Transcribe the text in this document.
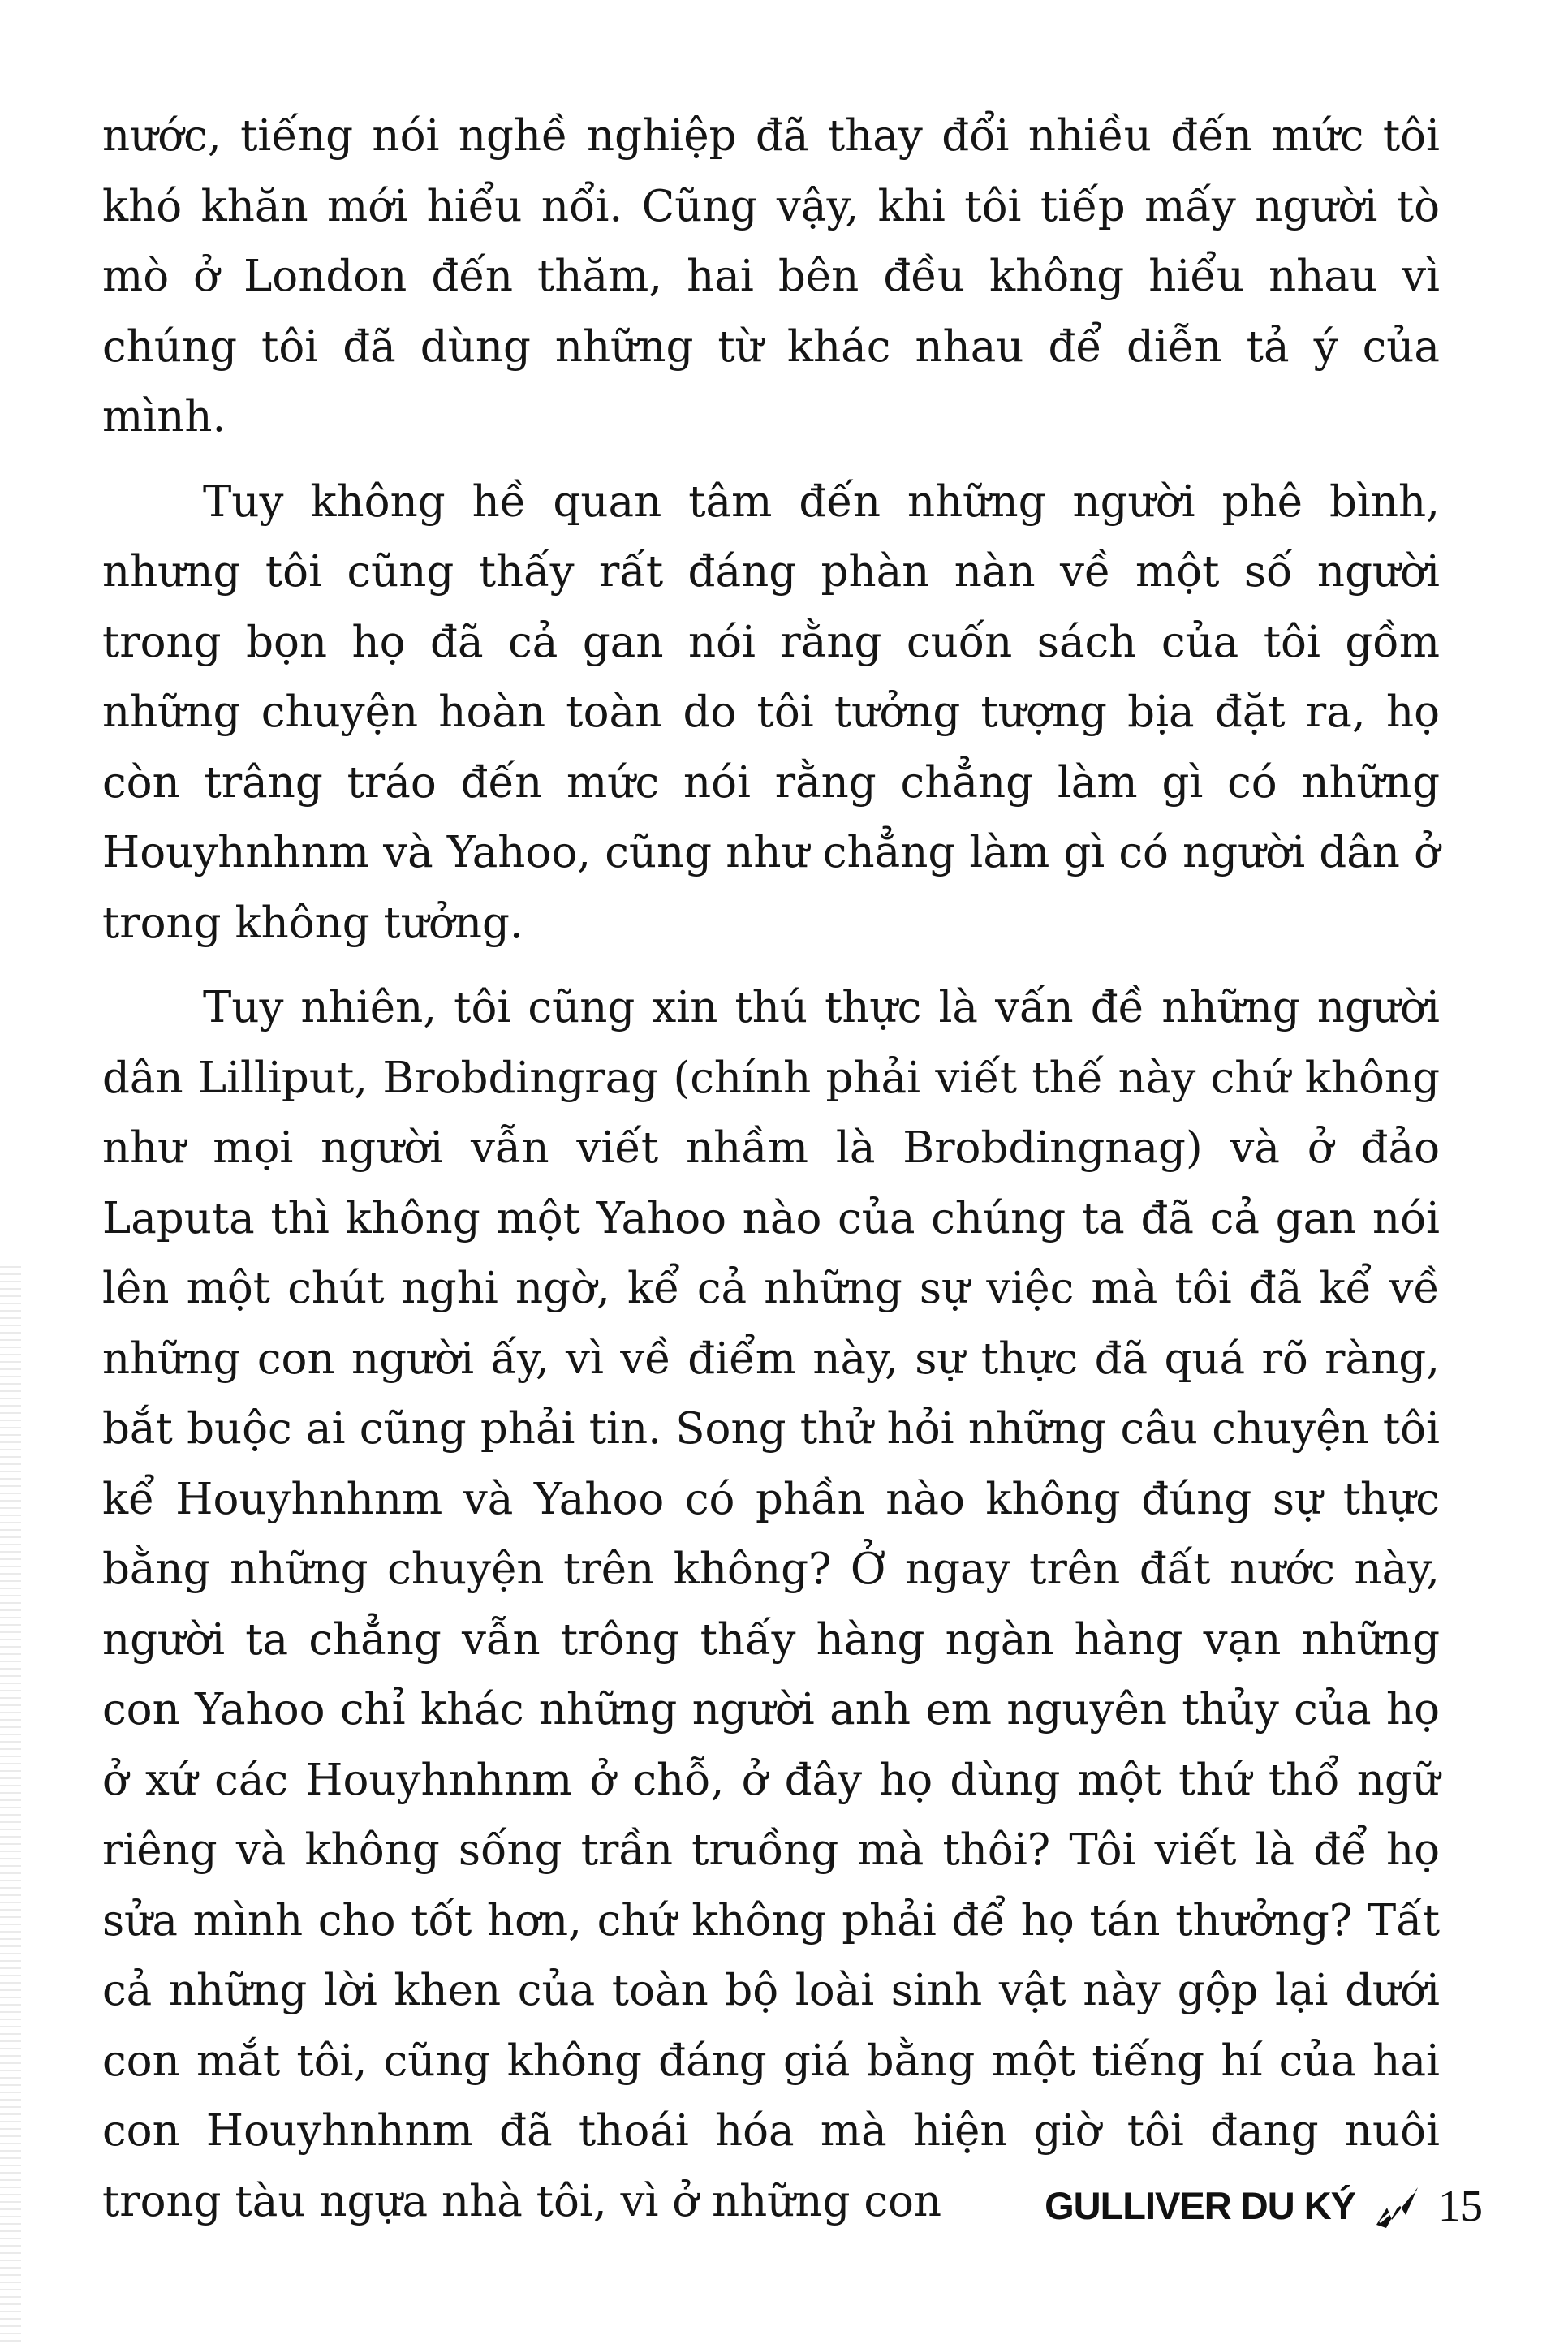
nước, tiếng nói nghề nghiệp đã thay đổi nhiều đến mức tôi khó khăn mới hiểu nổi. Cũng vậy, khi tôi tiếp mấy người tò mò ở London đến thăm, hai bên đều không hiểu nhau vì chúng tôi đã dùng những từ khác nhau để diễn tả ý của mình.

Tuy không hề quan tâm đến những người phê bình, nhưng tôi cũng thấy rất đáng phàn nàn về một số người trong bọn họ đã cả gan nói rằng cuốn sách của tôi gồm những chuyện hoàn toàn do tôi tưởng tượng bịa đặt ra, họ còn trâng tráo đến mức nói rằng chẳng làm gì có những Houyhnhnm và Yahoo, cũng như chẳng làm gì có người dân ở trong không tưởng.

Tuy nhiên, tôi cũng xin thú thực là vấn đề những người dân Lilliput, Brobdingrag (chính phải viết thế này chứ không như mọi người vẫn viết nhầm là Brobdingnag) và ở đảo Laputa thì không một Yahoo nào của chúng ta đã cả gan nói lên một chút nghi ngờ, kể cả những sự việc mà tôi đã kể về những con người ấy, vì về điểm này, sự thực đã quá rõ ràng, bắt buộc ai cũng phải tin. Song thử hỏi những câu chuyện tôi kể Houyhnhnm và Yahoo có phần nào không đúng sự thực bằng những chuyện trên không? Ở ngay trên đất nước này, người ta chẳng vẫn trông thấy hàng ngàn hàng vạn những con Yahoo chỉ khác những người anh em nguyên thủy của họ ở xứ các Houyhnhnm ở chỗ, ở đây họ dùng một thứ thổ ngữ riêng và không sống trần truồng mà thôi? Tôi viết là để họ sửa mình cho tốt hơn, chứ không phải để họ tán thưởng? Tất cả những lời khen của toàn bộ loài sinh vật này gộp lại dưới con mắt tôi, cũng không đáng giá bằng một tiếng hí của hai con Houyhnhnm đã thoái hóa mà hiện giờ tôi đang nuôi trong tàu ngựa nhà tôi, vì ở những con	GULLIVER DU KÝ 15
